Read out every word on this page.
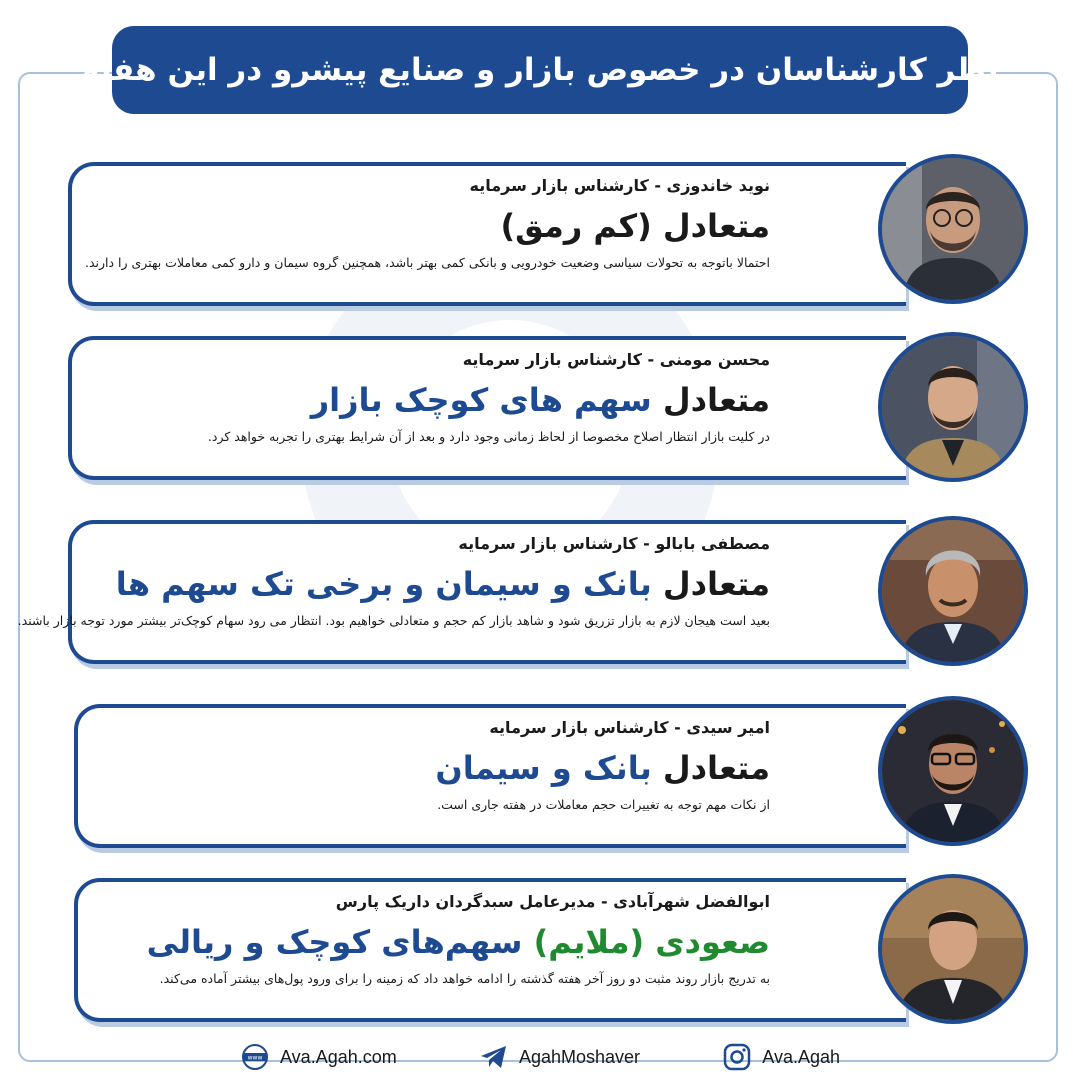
نظر کارشناسان در خصوص بازار و صنایع پیشرو در این هفته
نوید خاندوزی - کارشناس بازار سرمایه
متعادل (کم رمق)
احتمالا باتوجه به تحولات سیاسی وضعیت خودرویی و بانکی کمی بهتر باشد، همچنین گروه سیمان و دارو کمی معاملات بهتری را دارند.
محسن مومنی - کارشناس بازار سرمایه
متعادل سهم های کوچک بازار
در کلیت بازار انتظار اصلاح مخصوصا از لحاظ زمانی وجود دارد و بعد از آن شرایط بهتری را تجربه خواهد کرد.
مصطفی بابالو - کارشناس بازار سرمایه
متعادل بانک و سیمان و برخی تک سهم ها
بعید است هیجان لازم به بازار تزریق شود و شاهد بازار کم حجم و متعادلی خواهیم بود. انتظار می رود سهام کوچک‌تر بیشتر مورد توجه بازار باشند.
امیر سیدی - کارشناس بازار سرمایه
متعادل بانک و سیمان
از نکات مهم توجه به تغییرات حجم معاملات در هفته جاری است.
ابوالفضل شهرآبادی - مدیرعامل سبدگردان داریک پارس
صعودی (ملایم) سهم‌های کوچک و ریالی
به تدریج بازار روند مثبت دو روز آخر هفته گذشته را ادامه خواهد داد که زمینه را برای ورود پول‌های بیشتر آماده می‌کند.
www Ava.Agah.com	AgahMoshaver	Ava.Agah
